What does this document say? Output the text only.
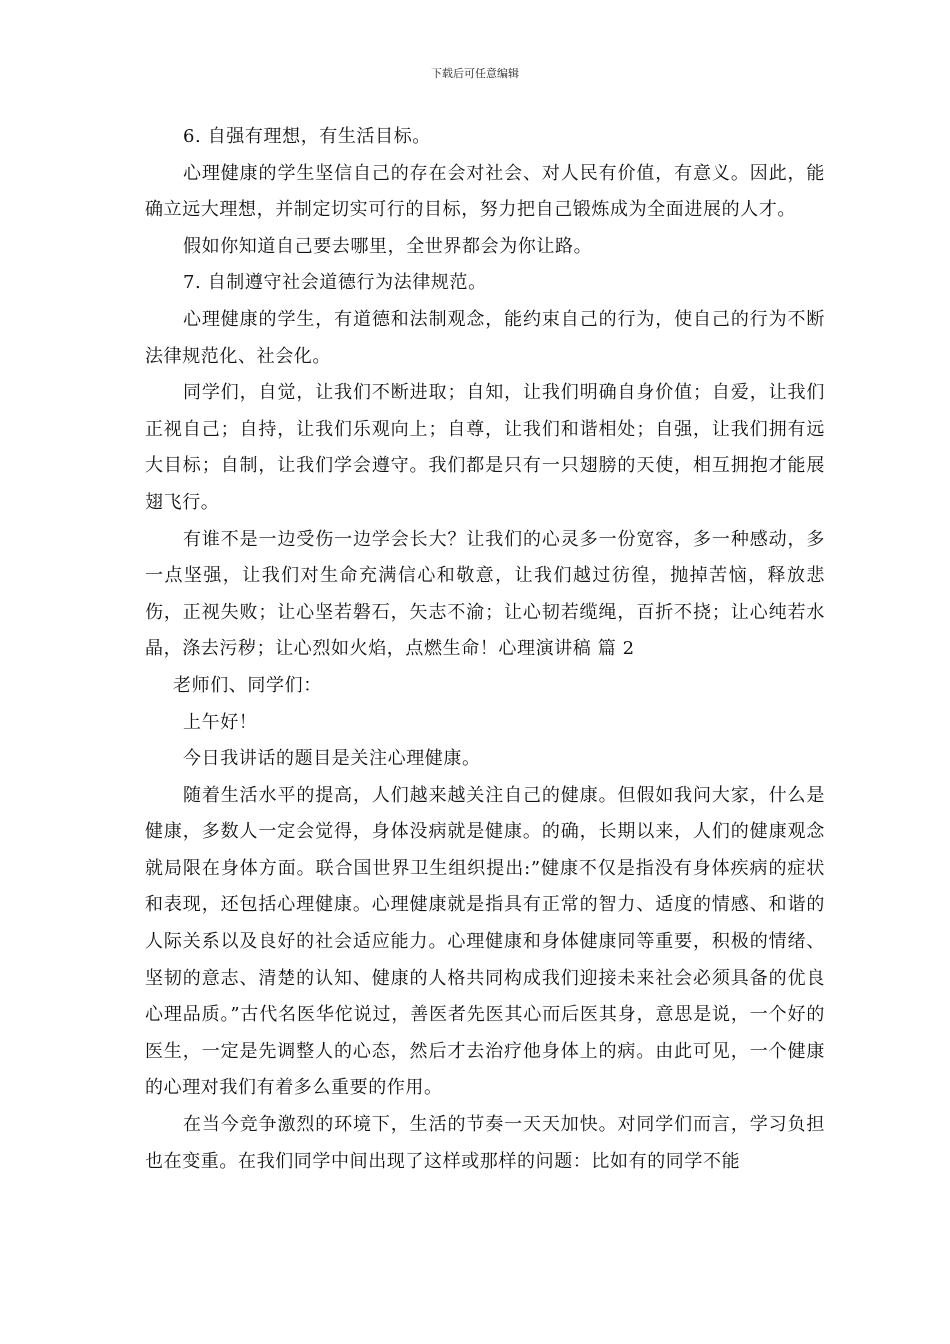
下载后可任意编辑

6. 自强有理想，有生活目标。

心理健康的学生坚信自己的存在会对社会、对人民有价值，有意义。因此，能确立远大理想，并制定切实可行的目标，努力把自己锻炼成为全面进展的人才。

假如你知道自己要去哪里，全世界都会为你让路。

7. 自制遵守社会道德行为法律规范。

心理健康的学生，有道德和法制观念，能约束自己的行为，使自己的行为不断法律规范化、社会化。

同学们，自觉，让我们不断进取；自知，让我们明确自身价值；自爱，让我们正视自己；自持，让我们乐观向上；自尊，让我们和谐相处；自强，让我们拥有远大目标；自制，让我们学会遵守。我们都是只有一只翅膀的天使，相互拥抱才能展翅飞行。

有谁不是一边受伤一边学会长大？让我们的心灵多一份宽容，多一种感动，多一点坚强，让我们对生命充满信心和敬意，让我们越过彷徨，抛掉苦恼，释放悲伤，正视失败；让心坚若磐石，矢志不渝；让心韧若缆绳，百折不挠；让心纯若水晶，涤去污秽；让心烈如火焰，点燃生命！心理演讲稿 篇 2

老师们、同学们：

上午好！

今日我讲话的题目是关注心理健康。

随着生活水平的提高，人们越来越关注自己的健康。但假如我问大家，什么是健康，多数人一定会觉得，身体没病就是健康。的确，长期以来，人们的健康观念就局限在身体方面。联合国世界卫生组织提出:”健康不仅是指没有身体疾病的症状和表现，还包括心理健康。心理健康就是指具有正常的智力、适度的情感、和谐的人际关系以及良好的社会适应能力。心理健康和身体健康同等重要，积极的情绪、坚韧的意志、清楚的认知、健康的人格共同构成我们迎接未来社会必须具备的优良心理品质。”古代名医华佗说过，善医者先医其心而后医其身，意思是说，一个好的医生，一定是先调整人的心态，然后才去治疗他身体上的病。由此可见，一个健康的心理对我们有着多么重要的作用。

在当今竞争激烈的环境下，生活的节奏一天天加快。对同学们而言，学习负担也在变重。在我们同学中间出现了这样或那样的问题：比如有的同学不能
